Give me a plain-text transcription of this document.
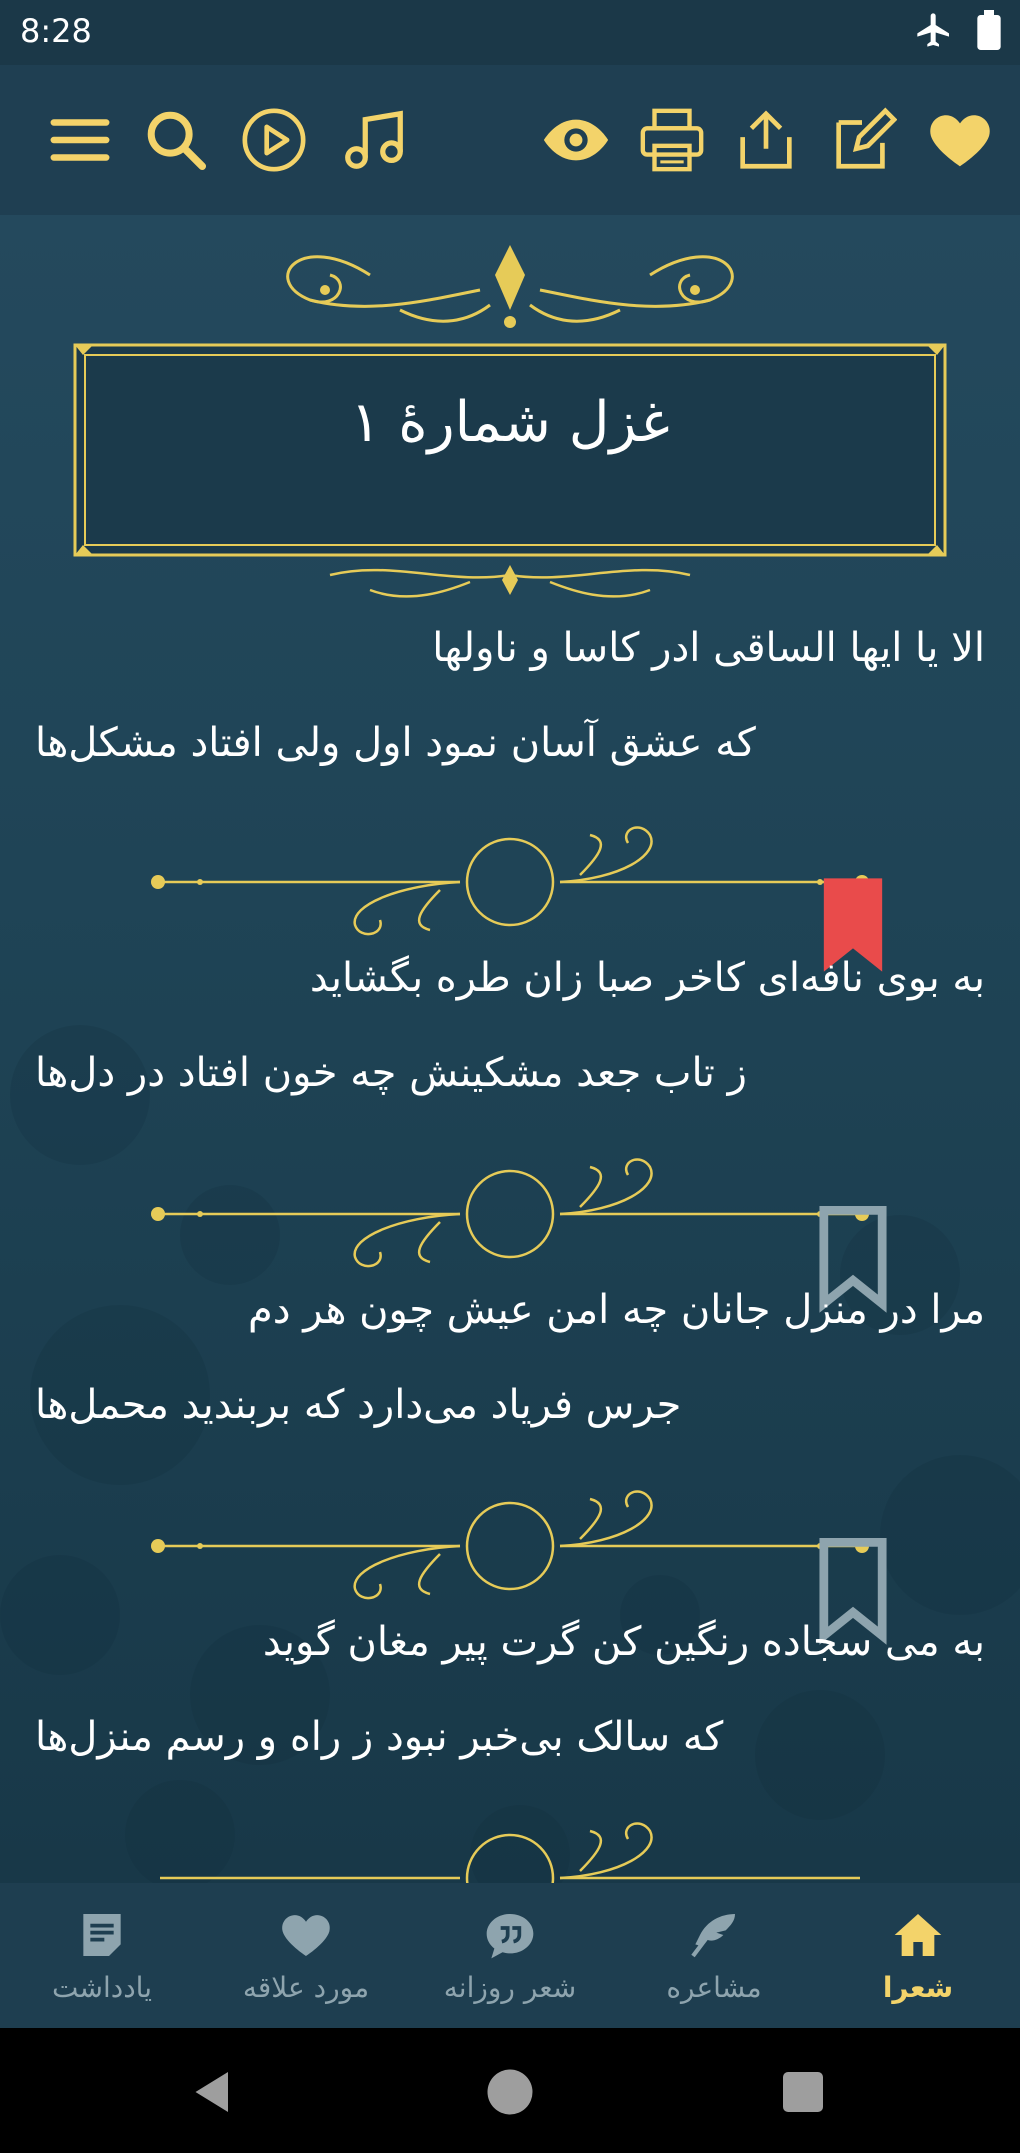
8:28
غزل شمارهٔ ۱
الا یا ایها الساقی ادر کاسا و ناولها
که عشق آسان نمود اول ولی افتاد مشکل‌ها
به بوی نافه‌ای کاخر صبا زان طره بگشاید
ز تاب جعد مشکینش چه خون افتاد در دل‌ها
مرا در منزل جانان چه امن عیش چون هر دم
جرس فریاد می‌دارد که بربندید محمل‌ها
به می سجاده رنگین کن گرت پیر مغان گوید
که سالک بی‌خبر نبود ز راه و رسم منزل‌ها
یادداشت	مورد علاقه	شعر روزانه	مشاعره	شعرا
